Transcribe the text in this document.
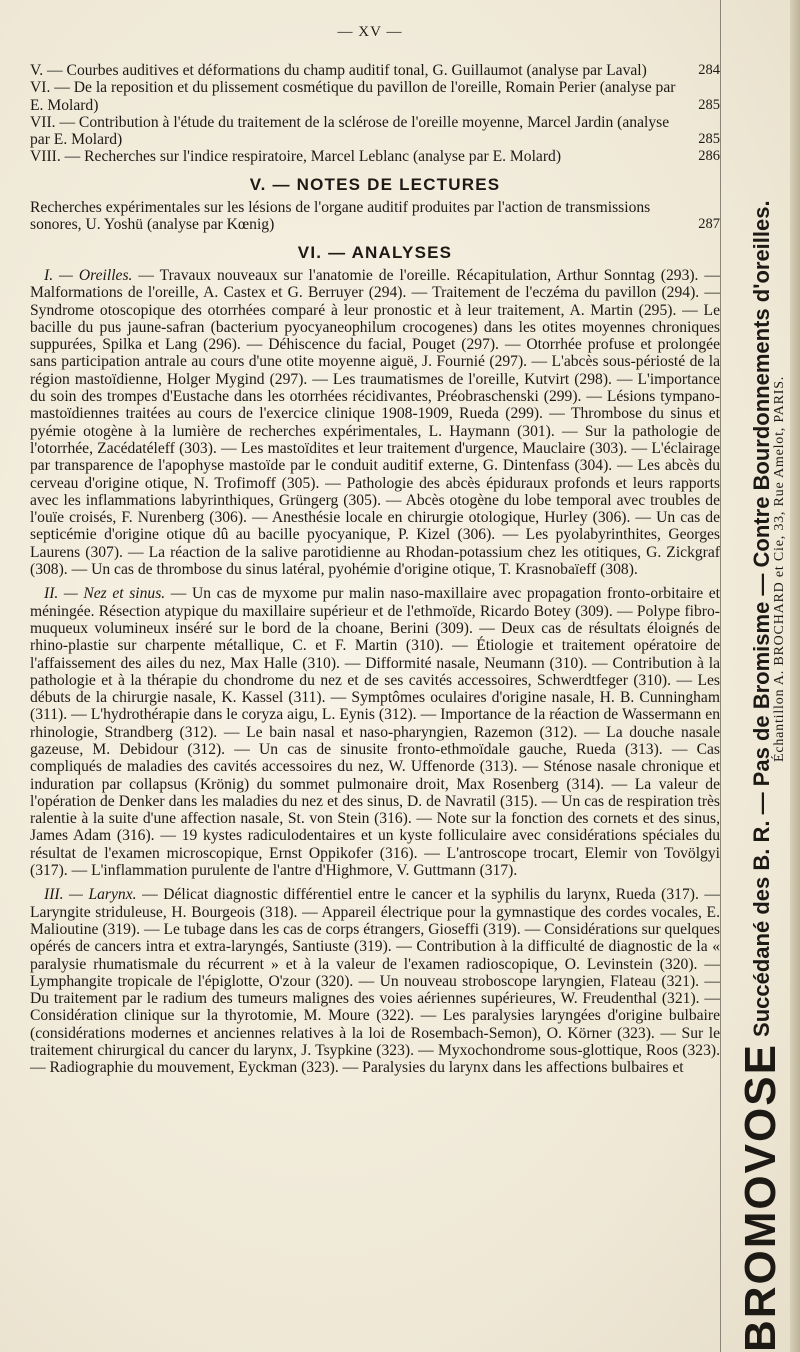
— XV —
V. — Courbes auditives et déformations du champ auditif tonal, G. Guillaumot (analyse par Laval)	284
VI. — De la reposition et du plissement cosmétique du pavillon de l'oreille, Romain Perier (analyse par E. Molard)	285
VII. — Contribution à l'étude du traitement de la sclérose de l'oreille moyenne, Marcel Jardin (analyse par E. Molard)	285
VIII. — Recherches sur l'indice respiratoire, Marcel Leblanc (analyse par E. Molard)	286
V. — NOTES DE LECTURES
Recherches expérimentales sur les lésions de l'organe auditif produites par l'action de transmissions sonores, U. Yoshü (analyse par Kœnig)	287
VI. — ANALYSES

I. — Oreilles. — Travaux nouveaux sur l'anatomie de l'oreille. Récapitulation, Arthur Sonntag (293). — Malformations de l'oreille, A. Castex et G. Berruyer (294). — Traitement de l'eczéma du pavillon (294). — Syndrome otoscopique des otorrhées comparé à leur pronostic et à leur traitement, A. Martin (295). — Le bacille du pus jaune-safran (bacterium pyocyaneophilum crocogenes) dans les otites moyennes chroniques suppurées, Spilka et Lang (296). — Déhiscence du facial, Pouget (297). — Otorrhée profuse et prolongée sans participation antrale au cours d'une otite moyenne aiguë, J. Fournié (297). — L'abcès sous-périosté de la région mastoïdienne, Holger Mygind (297). — Les traumatismes de l'oreille, Kutvirt (298). — L'importance du soin des trompes d'Eustache dans les otorrhées récidivantes, Préobraschenski (299). — Lésions tympano-mastoïdiennes traitées au cours de l'exercice clinique 1908-1909, Rueda (299). — Thrombose du sinus et pyémie otogène à la lumière de recherches expérimentales, L. Haymann (301). — Sur la pathologie de l'otorrhée, Zacédatéleff (303). — Les mastoïdites et leur traitement d'urgence, Mauclaire (303). — L'éclairage par transparence de l'apophyse mastoïde par le conduit auditif externe, G. Dintenfass (304). — Les abcès du cerveau d'origine otique, N. Trofimoff (305). — Pathologie des abcès épiduraux profonds et leurs rapports avec les inflammations labyrinthiques, Grüngerg (305). — Abcès otogène du lobe temporal avec troubles de l'ouïe croisés, F. Nurenberg (306). — Anesthésie locale en chirurgie otologique, Hurley (306). — Un cas de septicémie d'origine otique dû au bacille pyocyanique, P. Kizel (306). — Les pyolabyrinthites, Georges Laurens (307). — La réaction de la salive parotidienne au Rhodan-potassium chez les otitiques, G. Zickgraf (308). — Un cas de thrombose du sinus latéral, pyohémie d'origine otique, T. Krasnobaïeff (308).

II. — Nez et sinus. — Un cas de myxome pur malin naso-maxillaire avec propagation fronto-orbitaire et méningée. Résection atypique du maxillaire supérieur et de l'ethmoïde, Ricardo Botey (309). — Polype fibro-muqueux volumineux inséré sur le bord de la choane, Berini (309). — Deux cas de résultats éloignés de rhino-plastie sur charpente métallique, C. et F. Martin (310). — Étiologie et traitement opératoire de l'affaissement des ailes du nez, Max Halle (310). — Difformité nasale, Neumann (310). — Contribution à la pathologie et à la thérapie du chondrome du nez et de ses cavités accessoires, Schwerdtfeger (310). — Les débuts de la chirurgie nasale, K. Kassel (311). — Symptômes oculaires d'origine nasale, H. B. Cunningham (311). — L'hydrothérapie dans le coryza aigu, L. Eynis (312). — Importance de la réaction de Wassermann en rhinologie, Strandberg (312). — Le bain nasal et naso-pharyngien, Razemon (312). — La douche nasale gazeuse, M. Debidour (312). — Un cas de sinusite fronto-ethmoïdale gauche, Rueda (313). — Cas compliqués de maladies des cavités accessoires du nez, W. Uffenorde (313). — Sténose nasale chronique et induration par collapsus (Krönig) du sommet pulmonaire droit, Max Rosenberg (314). — La valeur de l'opération de Denker dans les maladies du nez et des sinus, D. de Navratil (315). — Un cas de respiration très ralentie à la suite d'une affection nasale, St. von Stein (316). — Note sur la fonction des cornets et des sinus, James Adam (316). — 19 kystes radiculodentaires et un kyste folliculaire avec considérations spéciales du résultat de l'examen microscopique, Ernst Oppikofer (316). — L'antroscope trocart, Elemir von Tovölgyi (317). — L'inflammation purulente de l'antre d'Highmore, V. Guttmann (317).

III. — Larynx. — Délicat diagnostic différentiel entre le cancer et la syphilis du larynx, Rueda (317). — Laryngite striduleuse, H. Bourgeois (318). — Appareil électrique pour la gymnastique des cordes vocales, E. Malioutine (319). — Le tubage dans les cas de corps étrangers, Gioseffi (319). — Considérations sur quelques opérés de cancers intra et extra-laryngés, Santiuste (319). — Contribution à la difficulté de diagnostic de la « paralysie rhumatismale du récurrent » et à la valeur de l'examen radioscopique, O. Levinstein (320). — Lymphangite tropicale de l'épiglotte, O'zour (320). — Un nouveau stroboscope laryngien, Flateau (321). — Du traitement par le radium des tumeurs malignes des voies aériennes supérieures, W. Freudenthal (321). — Considération clinique sur la thyrotomie, M. Moure (322). — Les paralysies laryngées d'origine bulbaire (considérations modernes et anciennes relatives à la loi de Rosembach-Semon), O. Körner (323). — Sur le traitement chirurgical du cancer du larynx, J. Tsypkine (323). — Myxochondrome sous-glottique, Roos (323). — Radiographie du mouvement, Eyckman (323). — Paralysies du larynx dans les affections bulbaires et	BROMOVOSE Succédané des B. R. — Pas de Bromisme — Contre Bourdonnements d'oreilles.
Échantillon A. BROCHARD et Cie, 33, Rue Amelot, PARIS.
